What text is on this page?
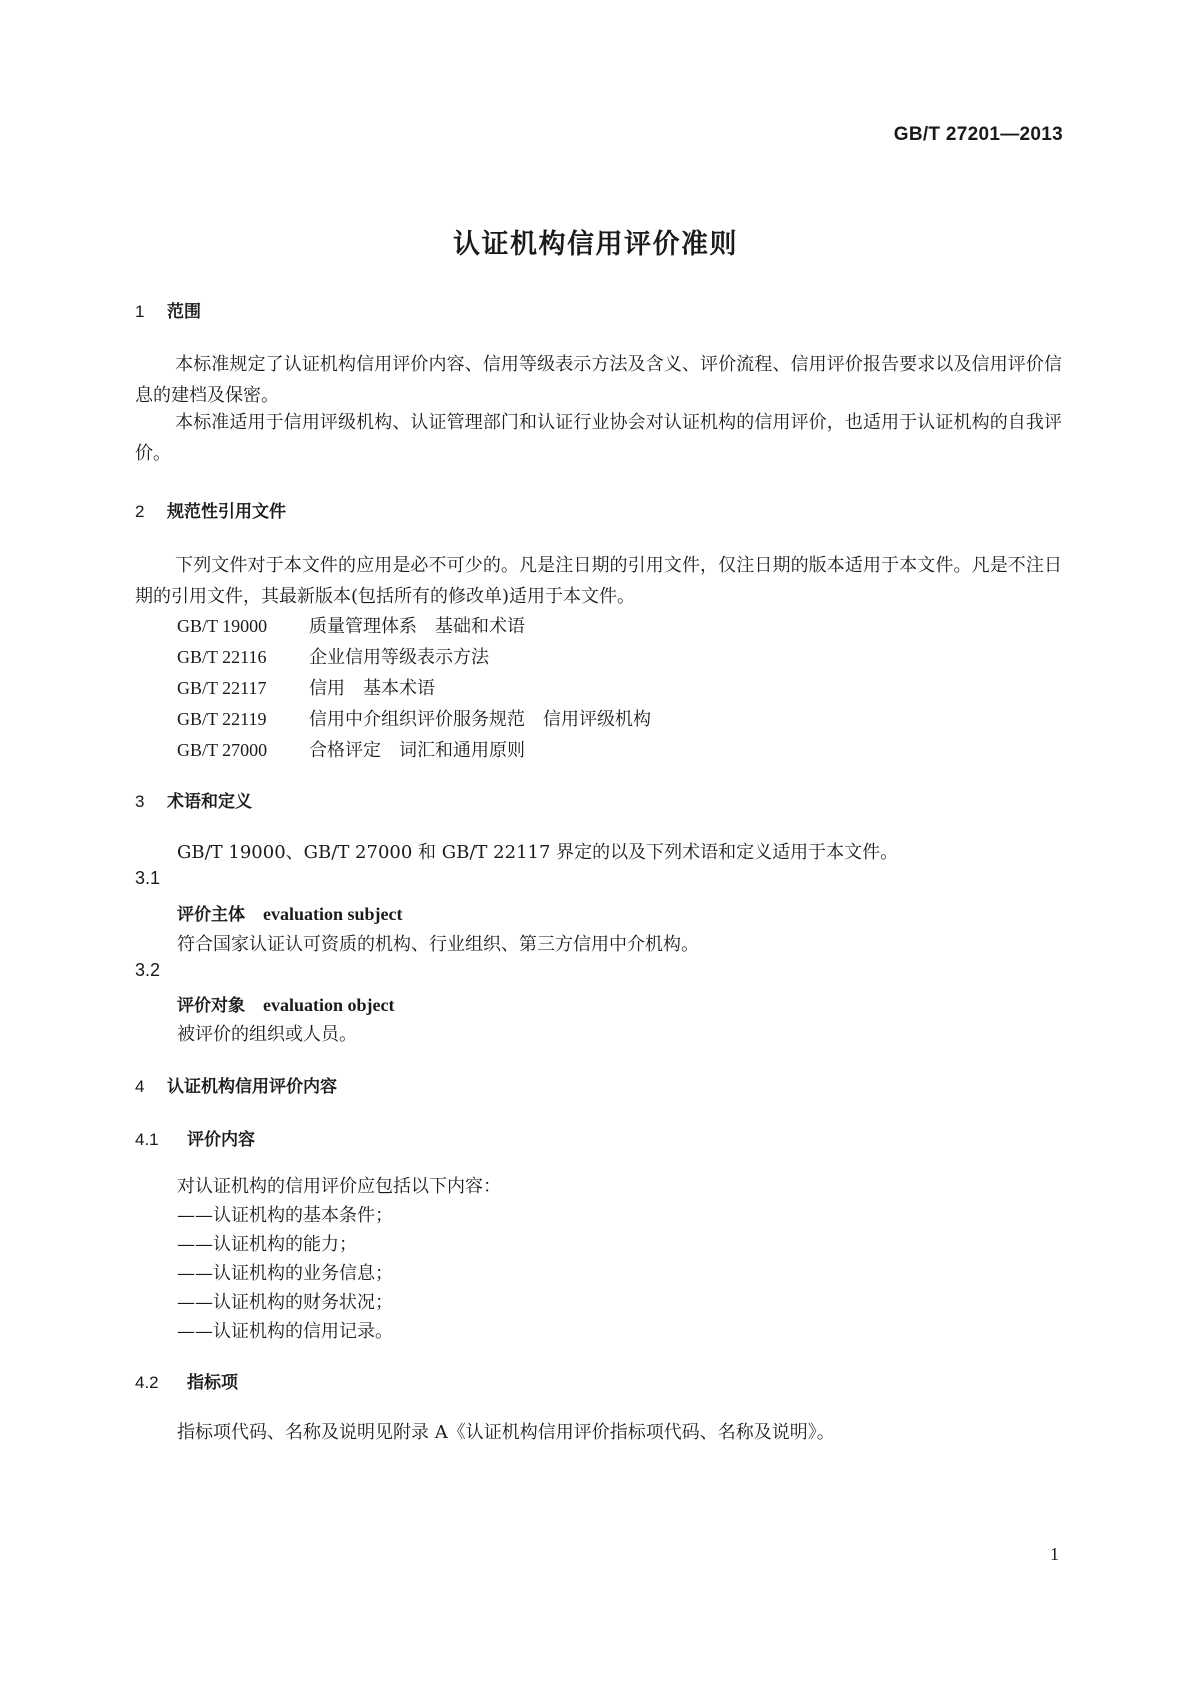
GB/T 27201—2013
认证机构信用评价准则
1 范围
本标准规定了认证机构信用评价内容、信用等级表示方法及含义、评价流程、信用评价报告要求以及信用评价信息的建档及保密。
本标准适用于信用评级机构、认证管理部门和认证行业协会对认证机构的信用评价，也适用于认证机构的自我评价。
2 规范性引用文件
下列文件对于本文件的应用是必不可少的。凡是注日期的引用文件，仅注日期的版本适用于本文件。凡是不注日期的引用文件，其最新版本(包括所有的修改单)适用于本文件。
GB/T 19000 质量管理体系　基础和术语
GB/T 22116 企业信用等级表示方法
GB/T 22117 信用　基本术语
GB/T 22119 信用中介组织评价服务规范　信用评级机构
GB/T 27000 合格评定　词汇和通用原则
3 术语和定义
GB/T 19000、GB/T 27000 和 GB/T 22117 界定的以及下列术语和定义适用于本文件。
3.1
评价主体 evaluation subject
符合国家认证认可资质的机构、行业组织、第三方信用中介机构。
3.2
评价对象 evaluation object
被评价的组织或人员。
4 认证机构信用评价内容
4.1 评价内容
对认证机构的信用评价应包括以下内容：
——认证机构的基本条件；
——认证机构的能力；
——认证机构的业务信息；
——认证机构的财务状况；
——认证机构的信用记录。
4.2 指标项
指标项代码、名称及说明见附录 A《认证机构信用评价指标项代码、名称及说明》。
1
